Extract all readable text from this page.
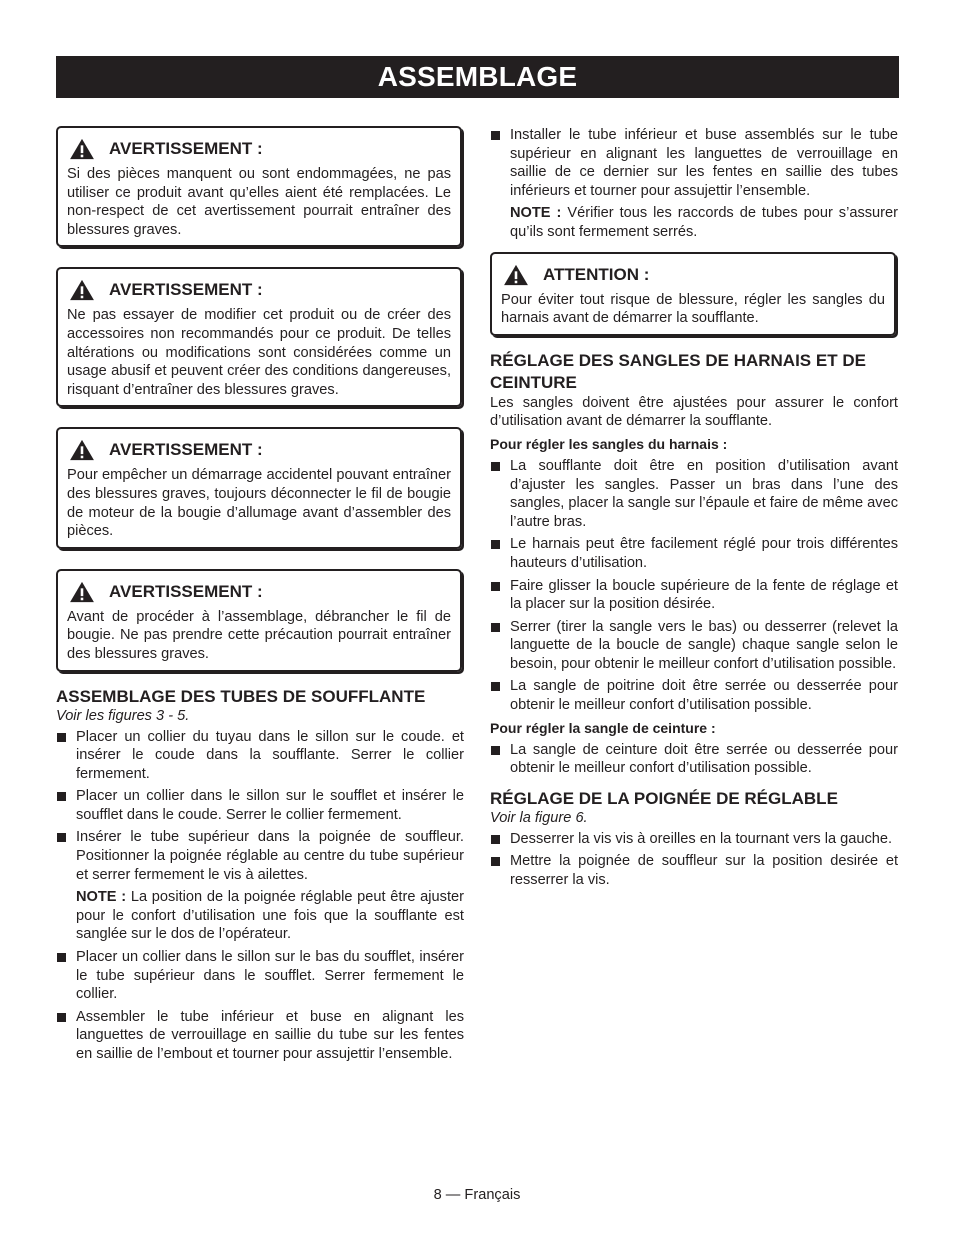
ASSEMBLAGE
AVERTISSEMENT :
Si des pièces manquent ou sont endommagées, ne pas utiliser ce produit avant qu’elles aient été remplacées. Le non-respect de cet avertissement pourrait entraîner des blessures graves.
AVERTISSEMENT :
Ne pas essayer de modifier cet produit ou de créer des accessoires non recommandés pour ce produit. De telles altérations ou modifications sont considérées comme un usage abusif et peuvent créer des conditions dangereuses, risquant d’entraîner des blessures graves.
AVERTISSEMENT :
Pour empêcher un démarrage accidentel pouvant entraîner des blessures graves, toujours déconnecter le fil de bougie de moteur de la bougie d’allumage avant d’assembler des pièces.
AVERTISSEMENT :
Avant de procéder à l’assemblage, débrancher le fil de bougie. Ne pas prendre cette précaution pourrait entraîner des blessures graves.
ASSEMBLAGE DES TUBES DE SOUFFLANTE
Voir les figures 3 - 5.
Placer un collier du tuyau dans le sillon sur le coude. et insérer le coude dans la soufflante. Serrer le collier fermement.
Placer un collier dans le sillon sur le soufflet et insérer le soufflet dans le coude. Serrer le collier fermement.
Insérer le tube supérieur dans la poignée de souffleur. Positionner la poignée réglable au centre du tube supérieur et serrer fermement le vis à ailettes.
NOTE : La position de la poignée réglable peut être ajuster pour le confort d’utilisation une fois que la soufflante est sanglée sur le dos de l’opérateur.
Placer un collier dans le sillon sur le bas du soufflet, insérer le tube supérieur dans le soufflet. Serrer fermement le collier.
Assembler le tube inférieur et buse en alignant les languettes de verrouillage en saillie du tube sur les fentes en saillie de l’embout et tourner pour assujettir l’ensemble.
Installer le tube inférieur et buse assemblés sur le tube supérieur en alignant les languettes de verrouillage en saillie de ce dernier sur les fentes en saillie des tubes inférieurs et tourner pour assujettir l’ensemble.
NOTE : Vérifier tous les raccords de tubes pour s’assurer qu’ils sont fermement serrés.
ATTENTION :
Pour éviter tout risque de blessure, régler les sangles du harnais avant de démarrer la soufflante.
RÉGLAGE DES SANGLES DE HARNAIS ET DE CEINTURE
Les sangles doivent être ajustées pour assurer le confort d’utilisation avant de démarrer la soufflante.
Pour régler les sangles du harnais :
La soufflante doit être en position d’utilisation avant d’ajuster les sangles. Passer un bras dans l’une des sangles, placer la sangle sur l’épaule et faire de même avec l’autre bras.
Le harnais peut être facilement réglé pour trois différentes hauteurs d’utilisation.
Faire glisser la boucle supérieure de la fente de réglage et la placer sur la position désirée.
Serrer (tirer la sangle vers le bas) ou desserrer (relevet la languette de la boucle de sangle) chaque sangle selon le besoin, pour obtenir le meilleur confort d’utilisation possible.
La sangle de poitrine doit être serrée ou desserrée pour obtenir le meilleur confort d’utilisation possible.
Pour régler la sangle de ceinture :
La sangle de ceinture doit être serrée ou desserrée pour obtenir le meilleur confort d’utilisation possible.
RÉGLAGE DE LA POIGNÉE DE RÉGLABLE
Voir la figure 6.
Desserrer la vis vis à oreilles en la tournant vers la gauche.
Mettre la poignée de souffleur sur la position desirée et resserrer la vis.
8 — Français
